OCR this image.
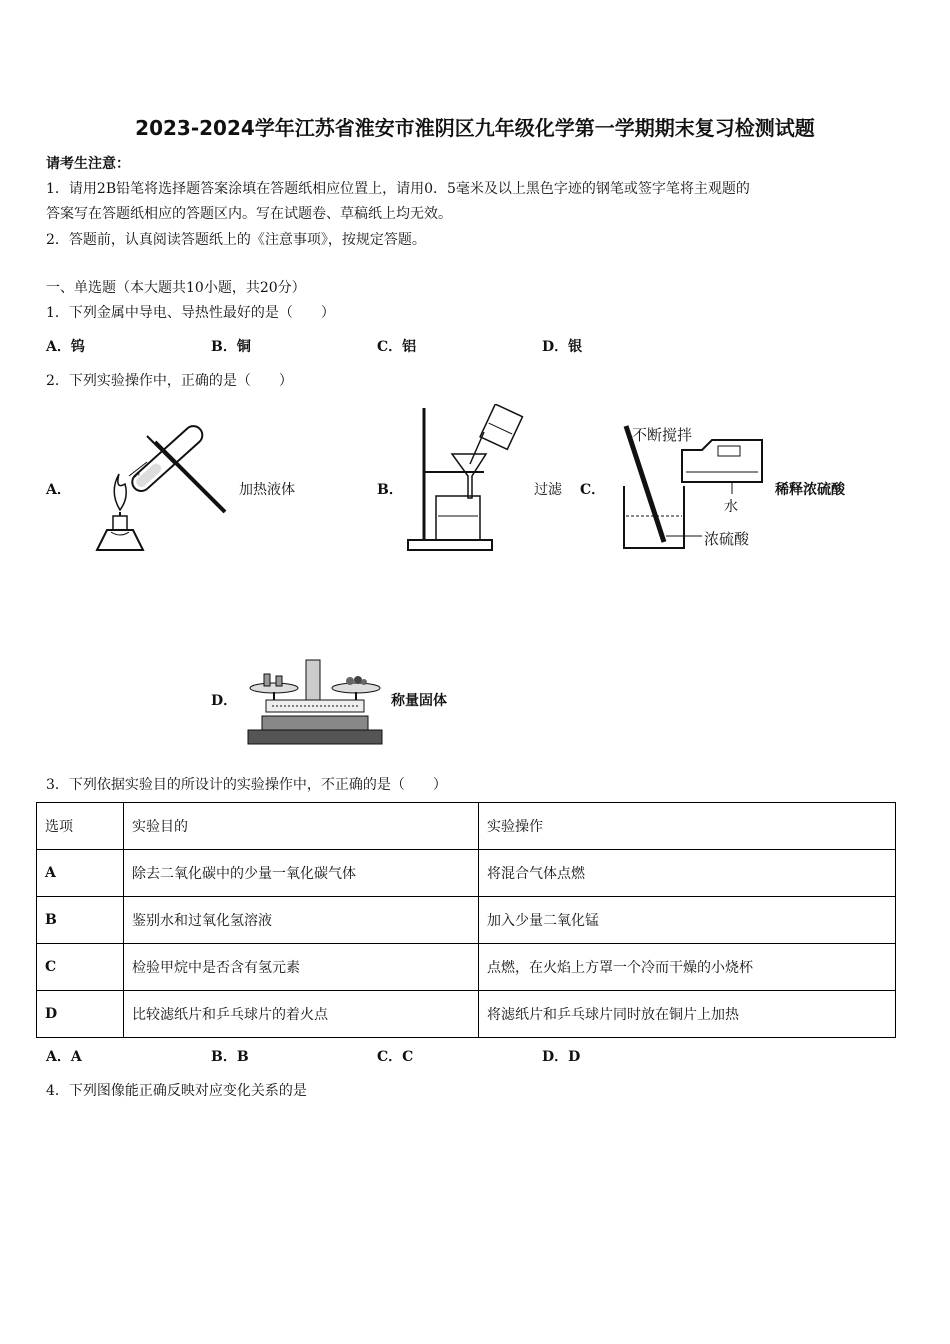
2023-2024学年江苏省淮安市淮阴区九年级化学第一学期期末复习检测试题
请考生注意：
1．请用2B铅笔将选择题答案涂填在答题纸相应位置上，请用0．5毫米及以上黑色字迹的钢笔或签字笔将主观题的
答案写在答题纸相应的答题区内。写在试题卷、草稿纸上均无效。
2．答题前，认真阅读答题纸上的《注意事项》，按规定答题。
一、单选题（本大题共10小题，共20分）
1．下列金属中导电、导热性最好的是（　　）
A．钨	B．铜	C．铝	D．银
2．下列实验操作中，正确的是（　　）
A．
↗
加热液体	B．	过滤 C．
不断搅拌
水
浓硫酸
稀释浓硫酸
D．	称量固体
3．下列依据实验目的所设计的实验操作中，不正确的是（　　）
选项	实验目的	实验操作
A	除去二氧化碳中的少量一氧化碳气体	将混合气体点燃
B	鉴别水和过氧化氢溶液	加入少量二氧化锰
C	检验甲烷中是否含有氢元素	点燃，在火焰上方罩一个冷而干燥的小烧杯
D	比较滤纸片和乒乓球片的着火点	将滤纸片和乒乓球片同时放在铜片上加热
A．A	B．B	C．C	D．D
4．下列图像能正确反映对应变化关系的是
